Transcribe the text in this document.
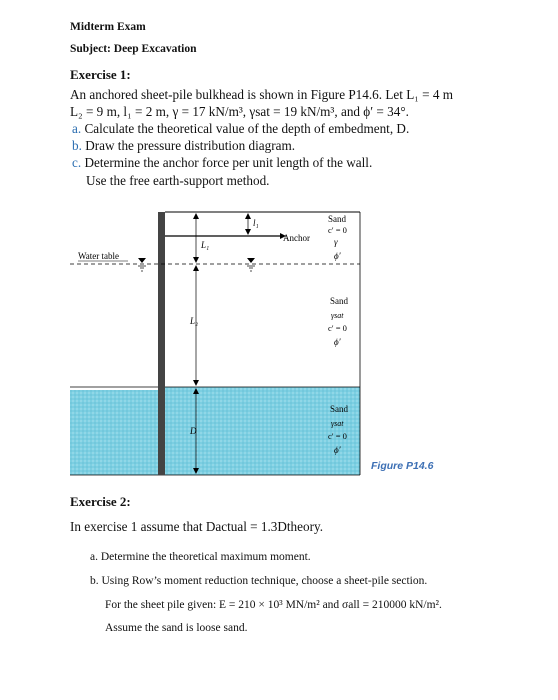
Midterm Exam
Subject: Deep Excavation
Exercise 1:
An anchored sheet-pile bulkhead is shown in Figure P14.6. Let L₁ = 4 m
L₂ = 9 m, l₁ = 2 m, γ = 17 kN/m³, γsat = 19 kN/m³, and ϕ′ = 34°.
a. Calculate the theoretical value of the depth of embedment, D.
b. Draw the pressure distribution diagram.
c. Determine the anchor force per unit length of the wall.
Use the free earth-support method.
l₁
L₁
L₂
D
Water table
Anchor
Sand
c′ = 0
γ
ϕ′
Sand
γsat
c′ = 0
ϕ′
Sand
γsat
c′ = 0
ϕ′
Figure P14.6
Exercise 2:
In exercise 1 assume that Dactual = 1.3Dtheory.
a. Determine the theoretical maximum moment.
b. Using Row’s moment reduction technique, choose a sheet-pile section.
For the sheet pile given: E = 210 × 10³ MN/m² and σall = 210000 kN/m².
Assume the sand is loose sand.
